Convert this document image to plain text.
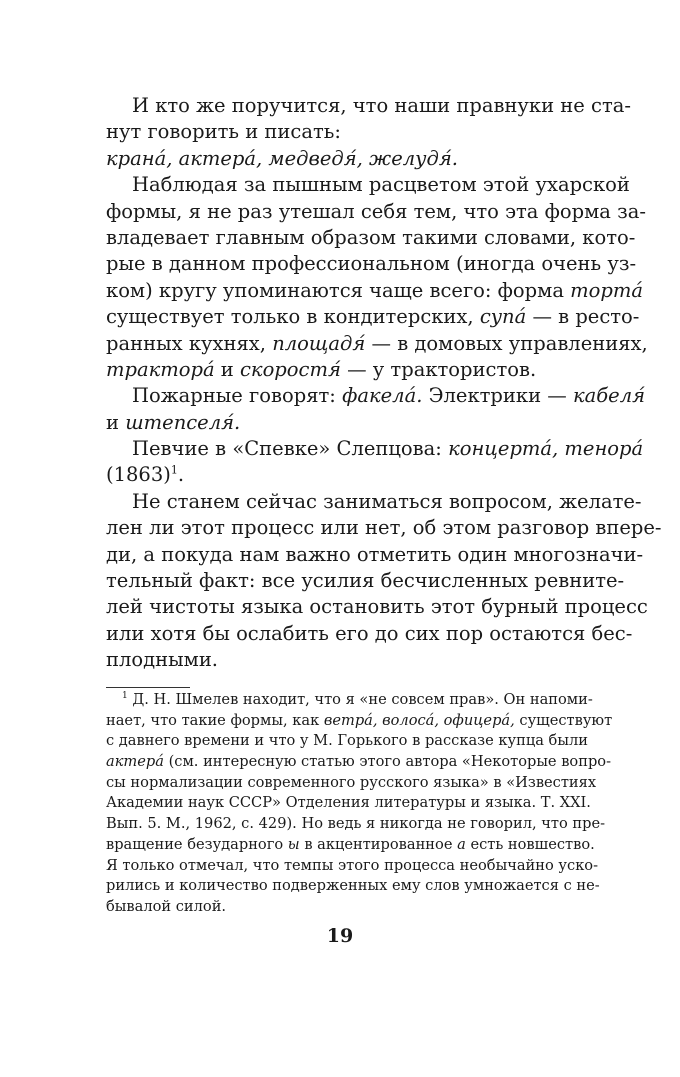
И кто же поручится, что наши правнуки не ста-
нут говорить и писать:
кранá, актерá, медведя́, желудя́.
Наблюдая за пышным расцветом этой ухарской
формы, я не раз утешал себя тем, что эта форма за-
владевает главным образом такими словами, кото-
рые в данном профессиональном (иногда очень уз-
ком) кругу упоминаются чаще всего: форма тортá
существует только в кондитерских, супá — в ресто-
ранных кухнях, площадя́ — в домовых управлениях,
трактора́ и скоростя́ — у трактористов.
Пожарные говорят: факелá. Электрики — кабеля́
и штепселя́.
Певчие в «Спевке» Слепцова: концертá, тенорá
$(1863)^1$.
Не станем сейчас заниматься вопросом, желате-
лен ли этот процесс или нет, об этом разговор впере-
ди, а покуда нам важно отметить один многозначи-
тельный факт: все усилия бесчисленных ревните-
лей чистоты языка остановить этот бурный процесс
или хотя бы ослабить его до сих пор остаются бес-
плодными.
$^1$ Д. Н. Шмелев находит, что я «не совсем прав». Он напоми-
нает, что такие формы, как ветрá, волосá, офицерá, существуют
с давнего времени и что у М. Горького в рассказе купца были
актерá (см. интересную статью этого автора «Некоторые вопро-
сы нормализации современного русского языка» в «Известиях
Академии наук СССР» Отделения литературы и языка. Т. XXI.
Вып. 5. М., 1962, с. 429). Но ведь я никогда не говорил, что пре-
вращение безударного ы в акцентированное а есть новшество.
Я только отмечал, что темпы этого процесса необычайно уско-
рились и количество подверженных ему слов умножается с не-
бывалой силой.
19
